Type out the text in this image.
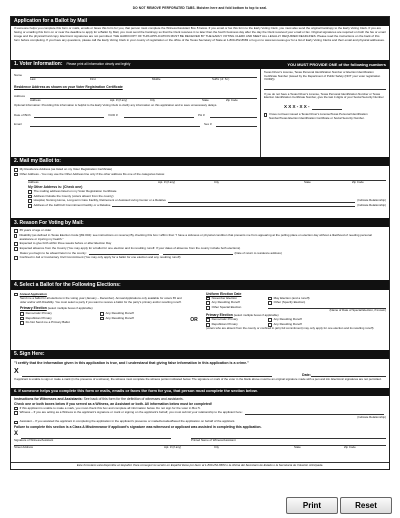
DO NOT REMOVE PERFORATED TABS. Moisten here and fold bottom to top to seal.
Application for a Ballot by Mail
If someone helps you complete this form or mails, emails or faxes this form for you, that person must complete the Witness/Assistant Box 8 below. If you email or fax this form to the Early Voting Clerk, you must also send the original hardcopy to the Early Voting Clerk. If you are faxing or emailing this form on or near the deadline to apply for a Ballot by Mail, you must send the hardcopy so that the Clerk receives it no later than the fourth business day after the day the Clerk received your email or fax. Original signatures are required on both the fax or email image and the physical hard copy. Electronic signatures are not permitted. THE HARDCOPY OF THIS APPLICATION MUST BE RECEIVED BY THE EARLY VOTING CLERK AND MEET ALL LEGALLY REQUIRED DEADLINES. Please read the instructions on the back of this form before completing. If you have any questions, please call the Early Voting Clerk in your county of registration or the office of the Texas Secretary of State at 1-800-252-8683 or log on to www.sos.texas.gov for a list of Early Voting Clerks and their email and physical addresses.
1. Voter Information: Please print all information clearly and legibly	YOU MUST PROVIDE ONE of the following numbers
Name
Last	First	Middle	Suffix (Jr. Sr.)
Residence Address as shown on your Voter Registration Certificate
Address
Address	Apt. # (if any)	City	State	Zip Code
Optional Information: Providing this information is helpful to the Early Voting Clerk to clarify any information on this application and to save unnecessary delays.
Date of Birth	VUID #	PH #
Email	Sex #
Texas Driver's License, Texas Personal Identification Number or Election Identification Certificate Number (issued by the Department of Public Safety (NOT your voter registration VUID#))
If you do not have a Texas Driver's License, Texas Personal Identification Number or Texas Election Identification Certificate Number, give the last 4 digits of your Social Security Number
X X X - X X -
I have not been issued a Texas Driver's License/Texas Personal Identification Number/Texas Election Identification Certificate or Social Security Number.
2. Mail my Ballot to:
My Residence Address (as listed on my Voter Registration Certificate)
Other Address - You may use the Other Address line only if the other address fits one of the categories below.
Address	Apt. # (if any)	City	State	Zip Code
My Other Address is: (Check one)
The mailing address listed on my Voter Registration Certificate
Address Outside the County (voters absent from the county)
Hospital, Nursing Home, Long-term Care Facility, Retirement or Assisted Living Center or a Relative	(Indicate Relationship)
Address of the Jail/Civil Commitment Facility or a Relative	(Indicate Relationship)
3. Reason For Voting by Mail:
65 years of age or older
Disability (as defined in Texas Election Code §82.002): see instructions on reverse) By checking this box I affirm that: "I have a sickness or physical condition that prevents me from appearing at the polling place on election day without a likelihood of needing personal assistance or injuring my health."
Expected to give birth within three weeks before or after Election Day
Expected absence from the County (You may apply for a ballot for one election and its resulting runoff. If your dates of absence from the county include both elections)
Dates you begin to be absent/return to the county:	(Date of return to residence address)
Confined in Jail or Involuntary Civil Commitment (You may only apply for a ballot for one election and any resulting runoff)
4. Select a Ballot for the Following Elections:
Annual Application
Send me a ballot for all elections in the voting year (January – December). Annual Applications only available for voters 65 and older and/or with Disability. You must select a party if you want to receive a ballot for the party's primary and/or resulting runoff.
Primary Election (select multiple boxes if applicable)
Democratic Primary
Republican Primary
Do Not Send me a Primary Ballot
Any Resulting Runoff
Any Resulting Runoff	OR
Uniform Election Date
November Election
Any Resulting Runoff
Other Special Election
May Election (and a runoff)
Other (Specify Election)
(Name of Date of Special Election, if known)
Primary Election (select multiple boxes if applicable)
Democratic Primary
Republican Primary
Any Resulting Runoff
Any Resulting Runoff
(voters who are absent from the county or confined in jail (civil commitment) may only apply for one election and its resulting runoff)
5. Sign Here:
"I certify that the information given in this application is true, and I understand that giving false information in this application is a crime."
X	Date:
If applicant is unable to sign or make a mark (in the presence of a witness), the witness must complete the witness portion indicated below. The signature or mark of the voter in the blank above must be an original signature made with a pen and ink. Electronic signatures are not permitted.
6. If someone helps you complete this form or mails, emails or faxes the form for you, that person must complete the section below.
Instructions for Witnesses and Assistants: See back of this form for the definition of witnesses and assistants.
Check one or both boxes below if you served as a Witness, an Assistant or both. All information below must be completed!
If this applicant is unable to make a mark, you must check this box and complete all information below. Do not sign for the voter in Box 5.
Witness – If you are acting as a Witness to the applicant's signature or mark or signing on the applicant's behalf, you must submit your relationship to the applicant here:
(Indicate Relationship)
Assistant – If you assisted the applicant in completing the application in the applicant's presence or mailed/emailed/faxed the application on behalf of the applicant.
Failure to complete this section is a Class A Misdemeanor if applicant's signature was witnessed or applicant was assisted in completing this application.
X
Signature of Witness/Assistant	Printed Name of Witness/Assistant
Street Address	Apt. # (if any)	City	State	Zip Code
Este formulario está disponible en Español. Para conseguir la versión en Español llame por favor al 1-800-252-8683 o la oficina del Secretario de Estado o la Secretaría de Votación Anticipada.
Print	Reset
